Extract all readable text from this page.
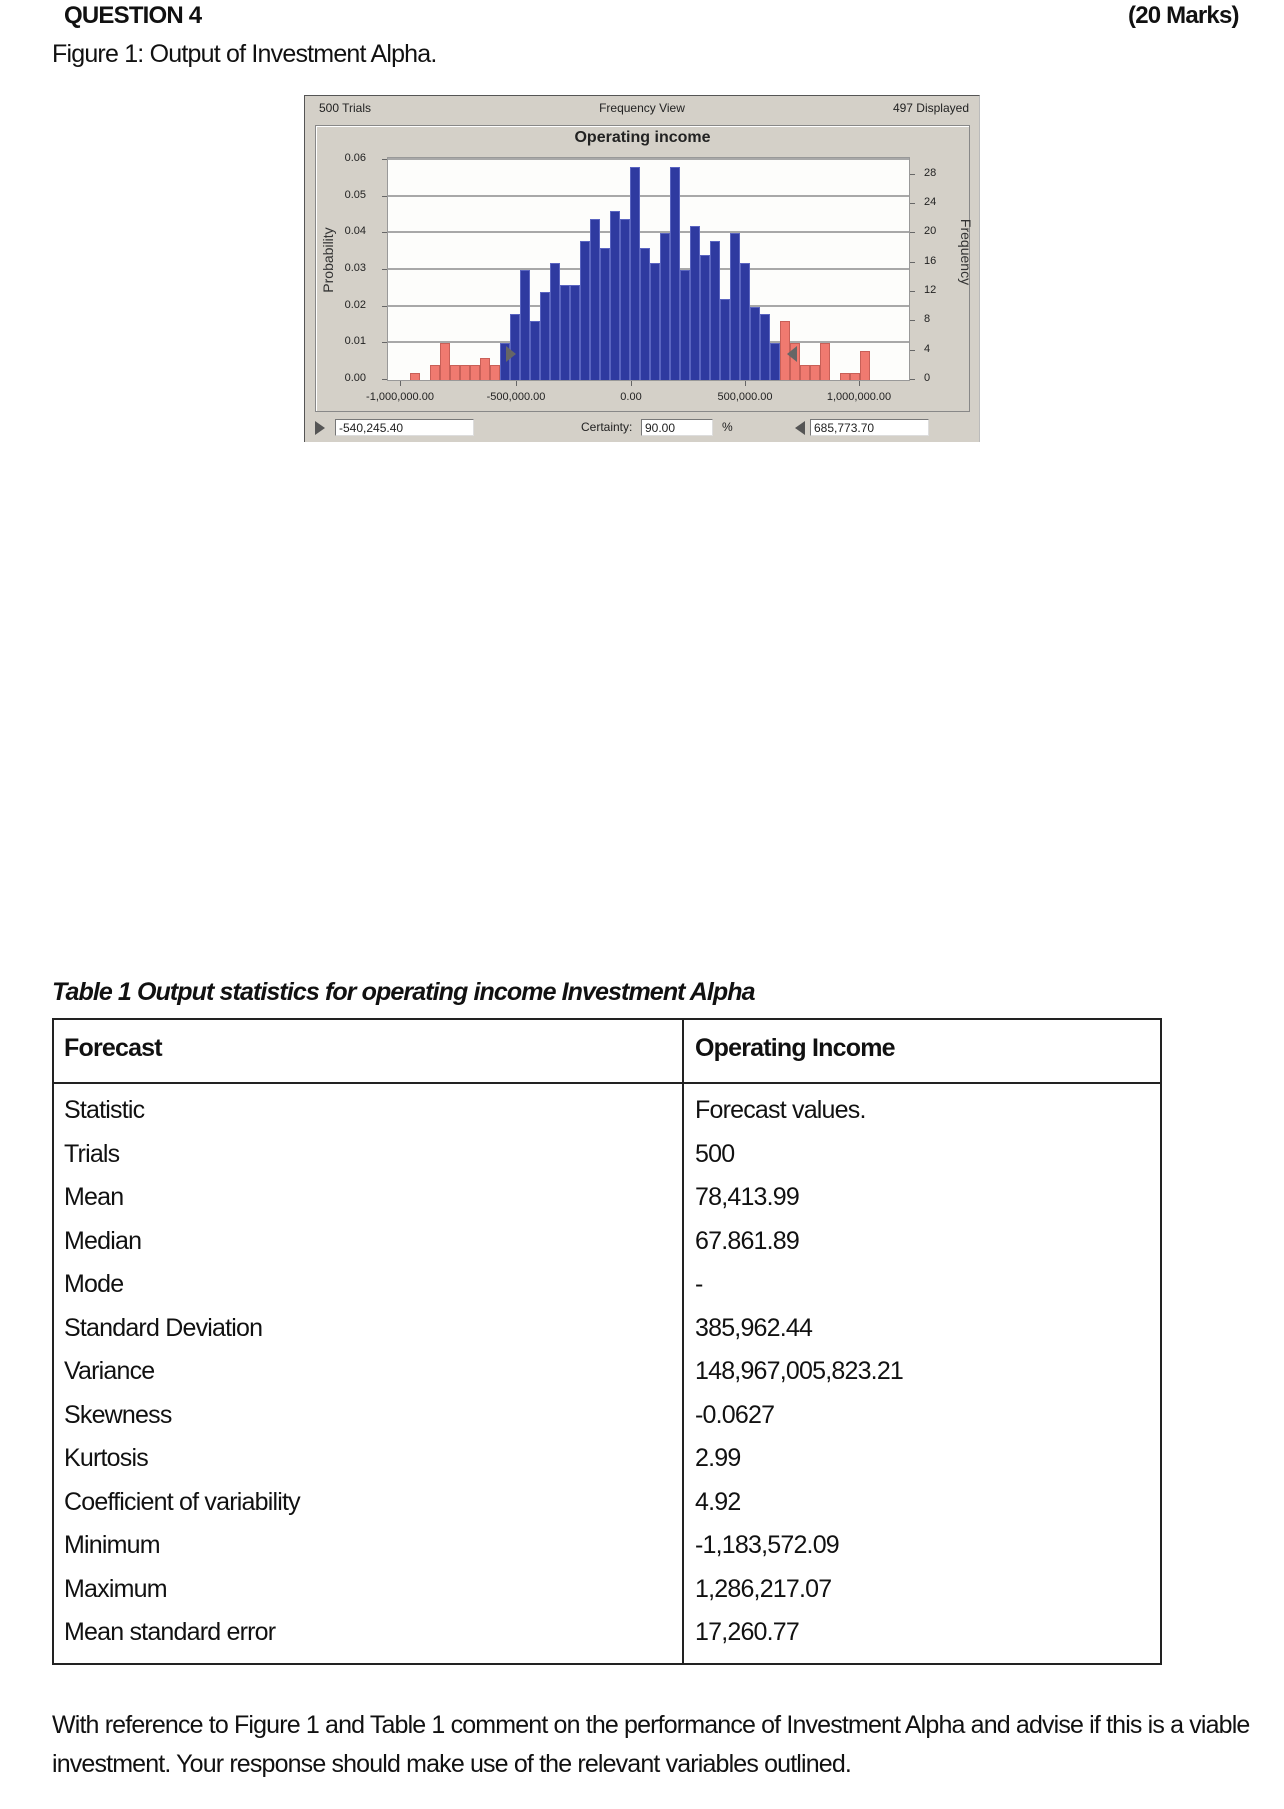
QUESTION 4	(20 Marks)
Figure 1: Output of Investment Alpha.
500 Trials	Frequency View	497 Displayed
Operating income
Probability	Frequency
0.00
0.01
0.02
0.03
0.04
0.05
0.06
0
4
8
12
16
20
24
28
-1,000,000.00	-500,000.00	0.00	500,000.00	1,000,000.00
-540,245.40	Certainty:	90.00	%	685,773.70
Table 1 Output statistics for operating income Investment Alpha
Forecast	Operating Income
Statistic	Forecast values.
Trials	500
Mean	78,413.99
Median	67.861.89
Mode	-
Standard Deviation	385,962.44
Variance	148,967,005,823.21
Skewness	-0.0627
Kurtosis	2.99
Coefficient of variability	4.92
Minimum	-1,183,572.09
Maximum	1,286,217.07
Mean standard error	17,260.77
With reference to Figure 1 and Table 1 comment on the performance of Investment Alpha and advise if this is a viable investment. Your response should make use of the relevant variables outlined.
